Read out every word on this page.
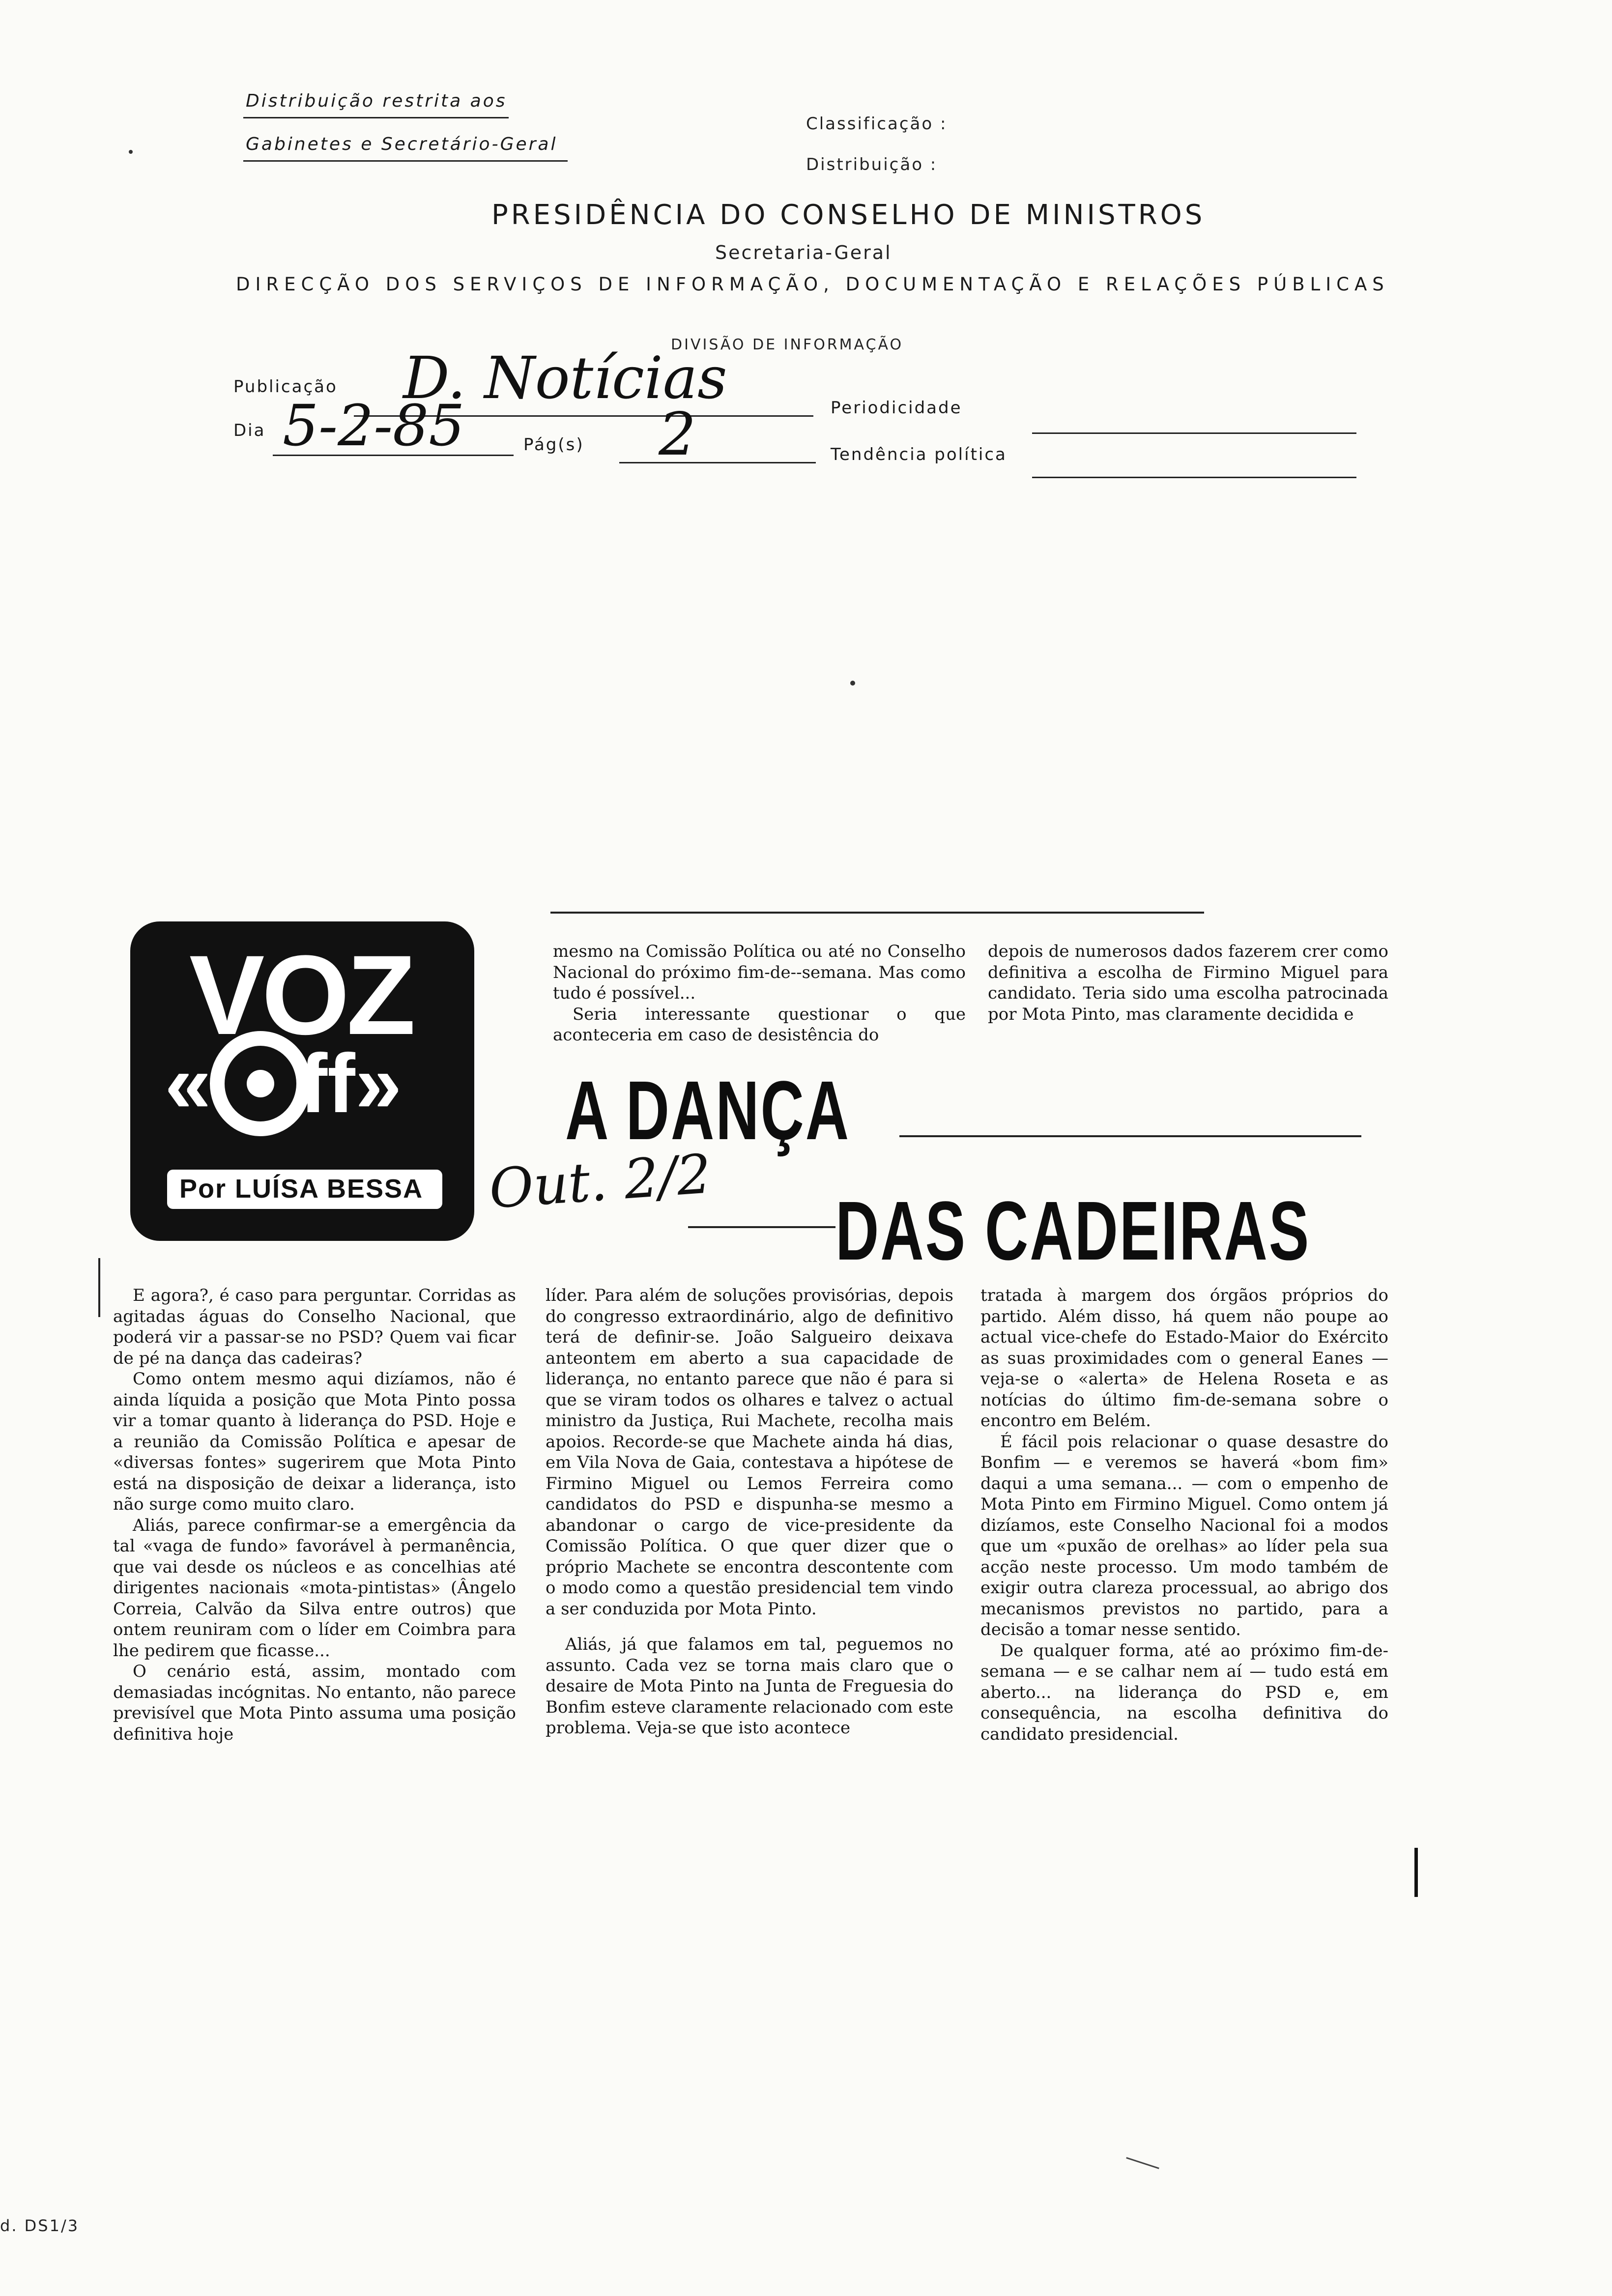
Distribuição restrita aos
Gabinetes e Secretário-Geral
Classificação :
Distribuição :
PRESIDÊNCIA DO CONSELHO DE MINISTROS
Secretaria-Geral
DIRECÇÃO DOS SERVIÇOS DE INFORMAÇÃO, DOCUMENTAÇÃO E RELAÇÕES PÚBLICAS
DIVISÃO DE INFORMAÇÃO
Publicação D. Notícias	Periodicidade
Dia 5-2-85	Pág(s) 2	Tendência política
VOZ
« ff»
Por LUÍSA BESSA

mesmo na Comissão Política ou até no Conselho Nacional do próximo fim-de--semana. Mas como tudo é possível...

Seria interessante questionar o que aconteceria em caso de desistência do

depois de numerosos dados fazerem crer como definitiva a escolha de Firmino Miguel para candidato. Teria sido uma escolha patrocinada por Mota Pinto, mas claramente decidida e

A DANÇA
DAS CADEIRAS
Out. 2/2

E agora?, é caso para perguntar. Corridas as agitadas águas do Conselho Nacional, que poderá vir a passar-se no PSD? Quem vai ficar de pé na dança das cadeiras?

Como ontem mesmo aqui dizíamos, não é ainda líquida a posição que Mota Pinto possa vir a tomar quanto à liderança do PSD. Hoje e a reunião da Comissão Política e apesar de «diversas fontes» sugerirem que Mota Pinto está na disposição de deixar a liderança, isto não surge como muito claro.

Aliás, parece confirmar-se a emergência da tal «vaga de fundo» favorável à permanência, que vai desde os núcleos e as concelhias até dirigentes nacionais «mota-pintistas» (Ângelo Correia, Calvão da Silva entre outros) que ontem reuniram com o líder em Coimbra para lhe pedirem que ficasse...

O cenário está, assim, montado com demasiadas incógnitas. No entanto, não parece previsível que Mota Pinto assuma uma posição definitiva hoje

líder. Para além de soluções provisórias, depois do congresso extraordinário, algo de definitivo terá de definir-se. João Salgueiro deixava anteontem em aberto a sua capacidade de liderança, no entanto parece que não é para si que se viram todos os olhares e talvez o actual ministro da Justiça, Rui Machete, recolha mais apoios. Recorde-se que Machete ainda há dias, em Vila Nova de Gaia, contestava a hipótese de Firmino Miguel ou Lemos Ferreira como candidatos do PSD e dispunha-se mesmo a abandonar o cargo de vice-presidente da Comissão Política. O que quer dizer que o próprio Machete se encontra descontente com o modo como a questão presidencial tem vindo a ser conduzida por Mota Pinto.

Aliás, já que falamos em tal, peguemos no assunto. Cada vez se torna mais claro que o desaire de Mota Pinto na Junta de Freguesia do Bonfim esteve claramente relacionado com este problema. Veja-se que isto acontece

tratada à margem dos órgãos próprios do partido. Além disso, há quem não poupe ao actual vice-chefe do Estado-Maior do Exército as suas proximidades com o general Eanes — veja-se o «alerta» de Helena Roseta e as notícias do último fim-de-semana sobre o encontro em Belém.

É fácil pois relacionar o quase desastre do Bonfim — e veremos se haverá «bom fim» daqui a uma semana... — com o empenho de Mota Pinto em Firmino Miguel. Como ontem já dizíamos, este Conselho Nacional foi a modos que um «puxão de orelhas» ao líder pela sua acção neste processo. Um modo também de exigir outra clareza processual, ao abrigo dos mecanismos previstos no partido, para a decisão a tomar nesse sentido.

De qualquer forma, até ao próximo fim-de-semana — e se calhar nem aí — tudo está em aberto... na liderança do PSD e, em consequência, na escolha definitiva do candidato presidencial.

d. DS1/3
